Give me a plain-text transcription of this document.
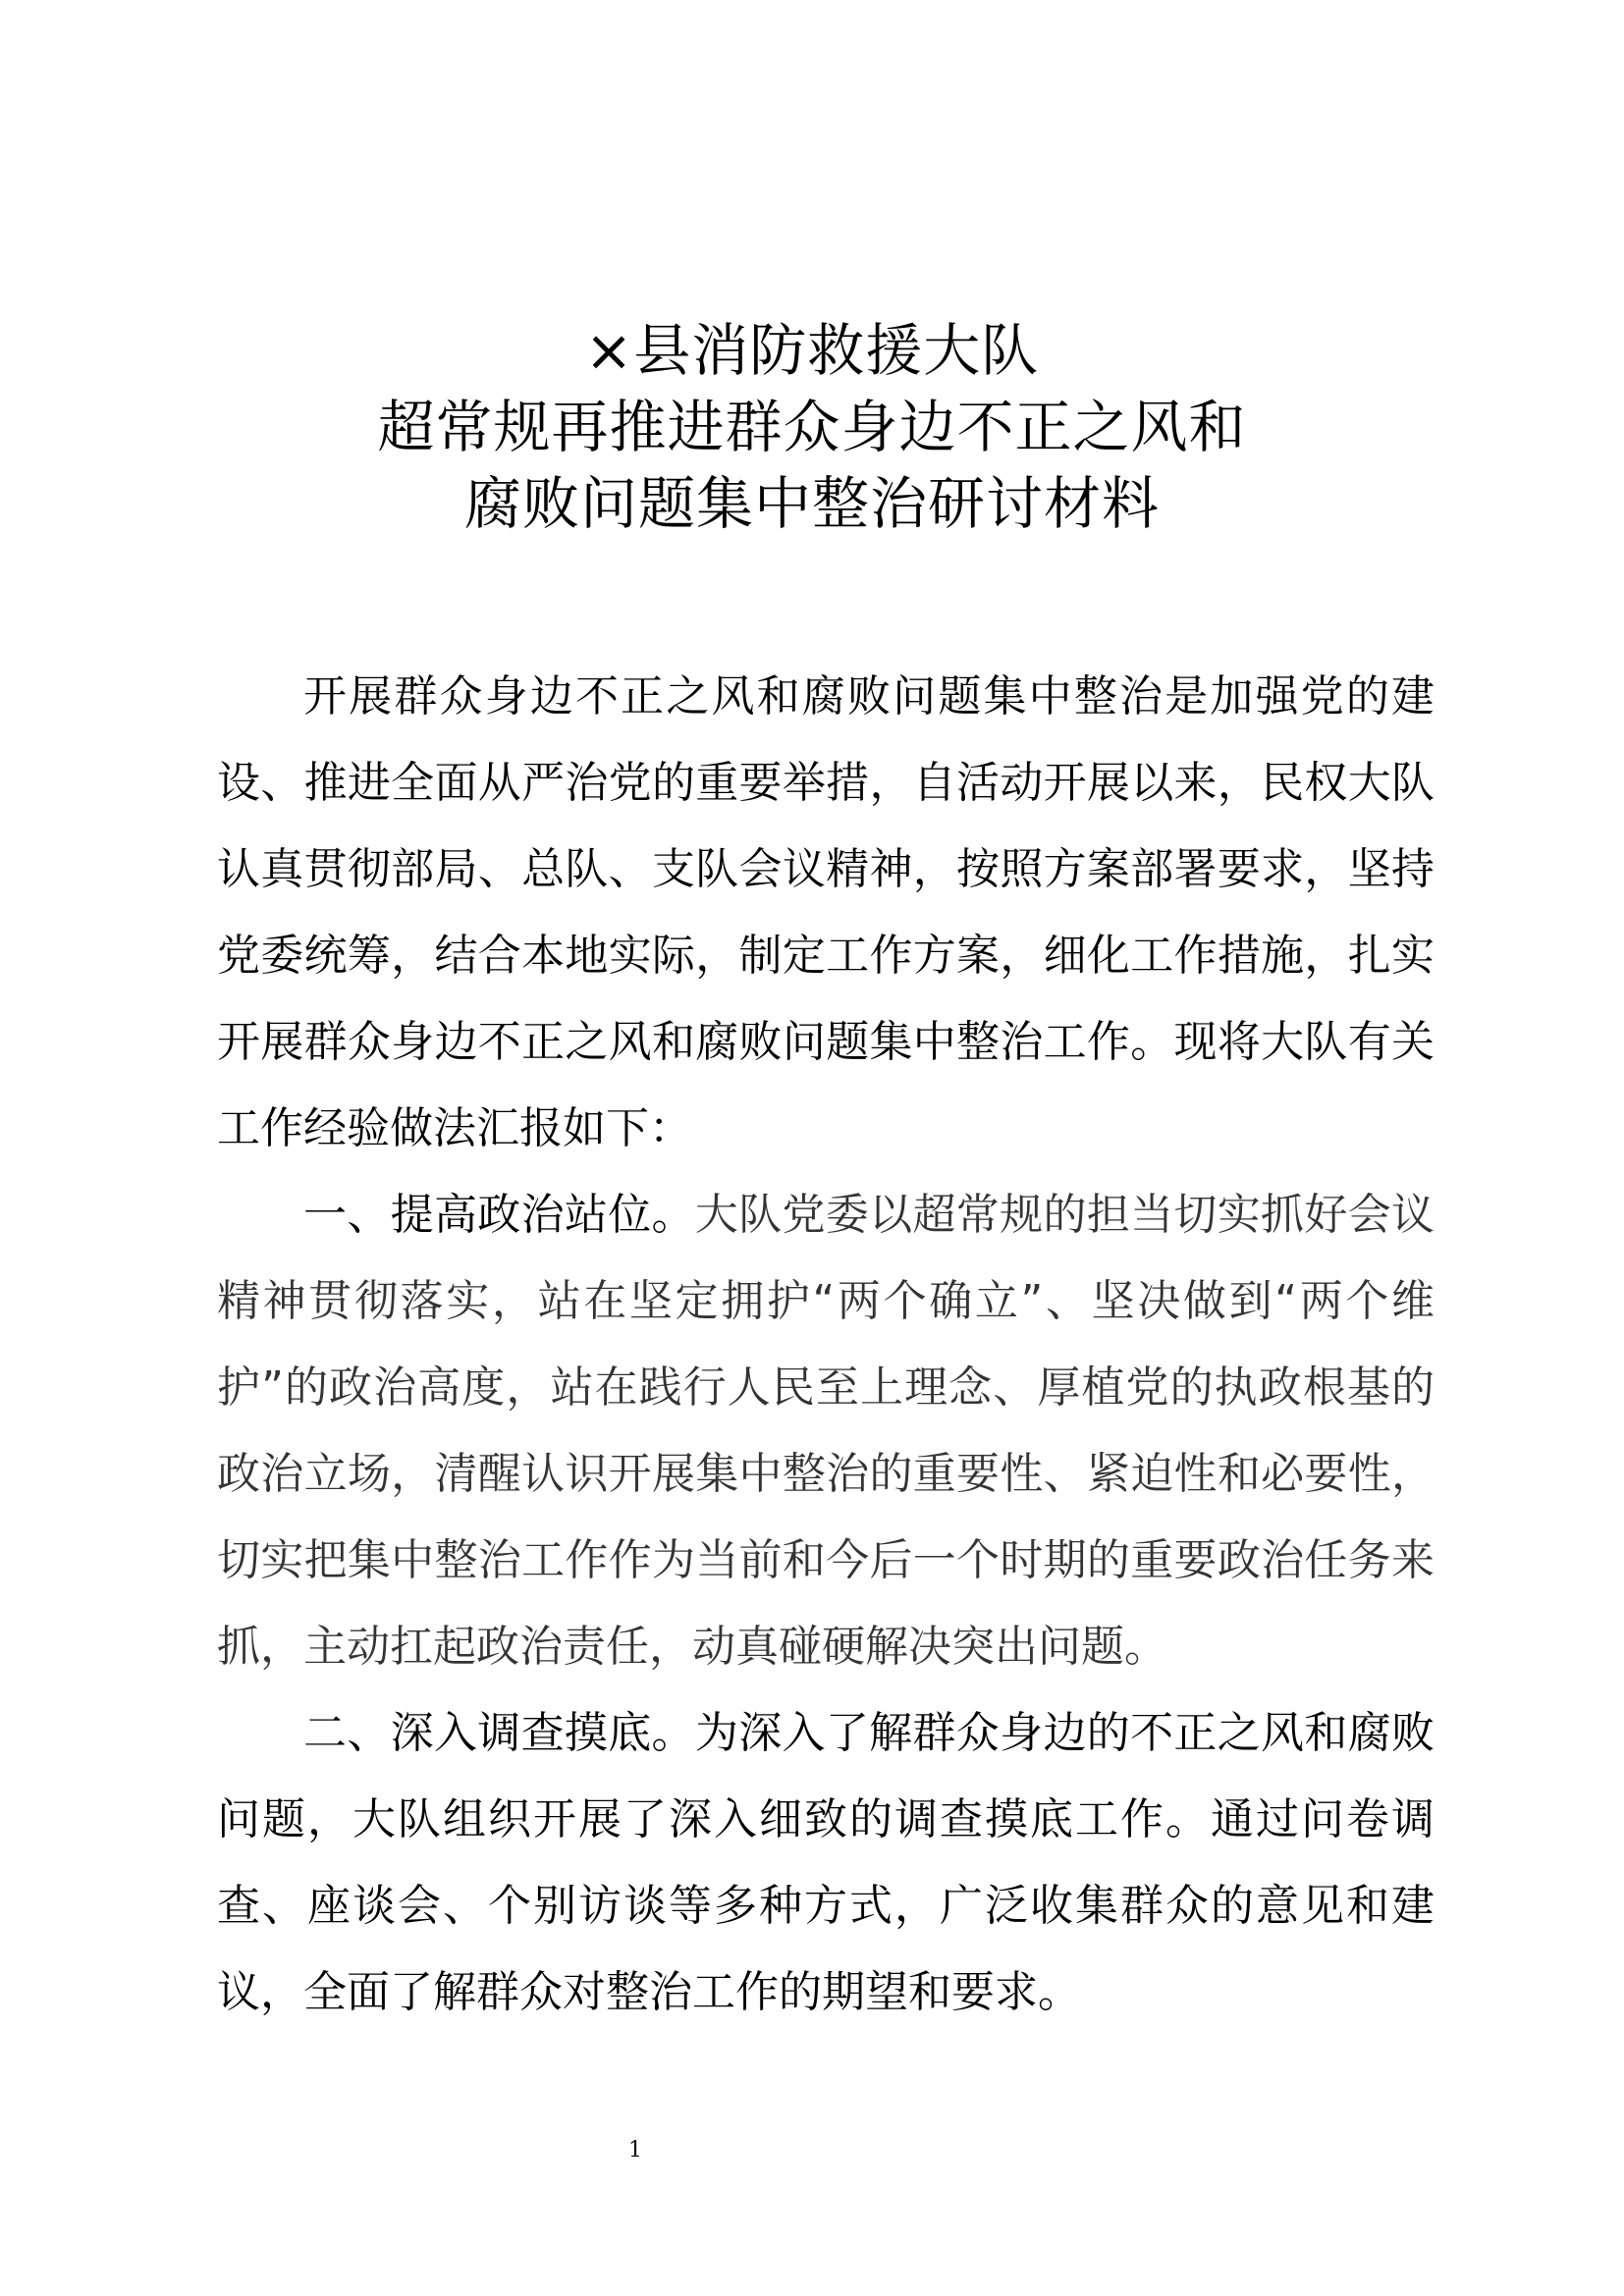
×县消防救援大队
超常规再推进群众身边不正之风和
腐败问题集中整治研讨材料

开展群众身边不正之风和腐败问题集中整治是加强党的建设、推进全面从严治党的重要举措，自活动开展以来，民权大队认真贯彻部局、总队、支队会议精神，按照方案部署要求，坚持党委统筹，结合本地实际，制定工作方案，细化工作措施，扎实开展群众身边不正之风和腐败问题集中整治工作。现将大队有关工作经验做法汇报如下：

一、提高政治站位。大队党委以超常规的担当切实抓好会议精神贯彻落实，站在坚定拥护“两个确立”、坚决做到“两个维护”的政治高度，站在践行人民至上理念、厚植党的执政根基的政治立场，清醒认识开展集中整治的重要性、紧迫性和必要性，切实把集中整治工作作为当前和今后一个时期的重要政治任务来抓，主动扛起政治责任，动真碰硬解决突出问题。

二、深入调查摸底。为深入了解群众身边的不正之风和腐败问题，大队组织开展了深入细致的调查摸底工作。通过问卷调查、座谈会、个别访谈等多种方式，广泛收集群众的意见和建议，全面了解群众对整治工作的期望和要求。

1
